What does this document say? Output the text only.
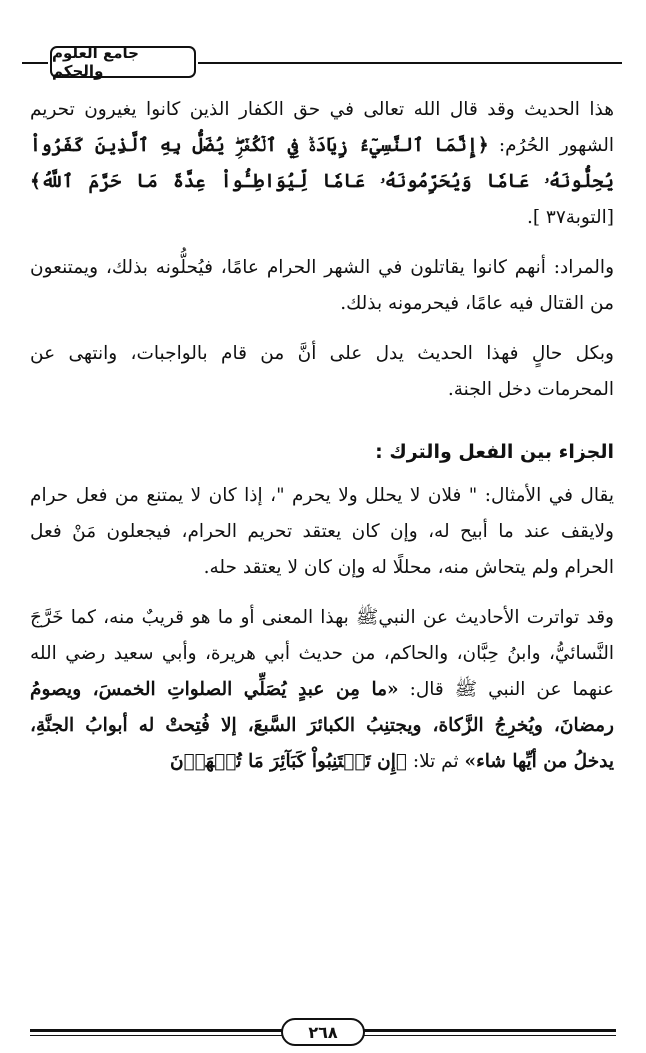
جامع العلوم والحكم

هذا الحديث وقد قال الله تعالى في حق الكفار الذين كانوا يغيرون تحريم الشهور الحُرُم: ﴿إِنَّمَا ٱلنَّسِيٓءُ زِيَادَةٞ فِي ٱلۡكُفۡرِۖ يُضَلُّ بِهِ ٱلَّذِينَ كَفَرُواْ يُحِلُّونَهُۥ عَامٗا وَيُحَرِّمُونَهُۥ عَامٗا لِّيُوَاطِـُٔواْ عِدَّةَ مَا حَرَّمَ ٱللَّهُ﴾ [التوبة٣٧ ].

والمراد: أنهم كانوا يقاتلون في الشهر الحرام عامًا، فيُحلُّونه بذلك، ويمتنعون من القتال فيه عامًا، فيحرمونه بذلك.

وبكل حالٍ فهذا الحديث يدل على أنَّ من قام بالواجبات، وانتهى عن المحرمات دخل الجنة.

الجزاء بين الفعل والترك :

يقال في الأمثال: " فلان لا يحلل ولا يحرم "، إذا كان لا يمتنع من فعل حرام ولايقف عند ما أبيح له، وإن كان يعتقد تحريم الحرام، فيجعلون مَنْ فعل الحرام ولم يتحاش منه، محللًا له وإن كان لا يعتقد حله.

وقد تواترت الأحاديث عن النبيﷺ بهذا المعنى أو ما هو قريبٌ منه، كما خَرَّجَ النَّسائيُّ، وابنُ حِبَّان، والحاكم، من حديث أبي هريرة، وأبي سعيد رضي الله عنهما عن النبي ﷺ قال: «ما مِن عبدٍ يُصَلِّي الصلواتِ الخمسَ، ويصومُ رمضانَ، ويُخرِجُ الزَّكاة، ويجتنِبُ الكبائرَ السَّبعَ، إلا فُتِحتْ له أبوابُ الجنَّةِ، يدخلُ من أيِّها شاء» ثم تلا: ﴿إِن تَجۡتَنِبُواْ كَبَآئِرَ مَا تُنۡهَوۡنَ

٢٦٨
